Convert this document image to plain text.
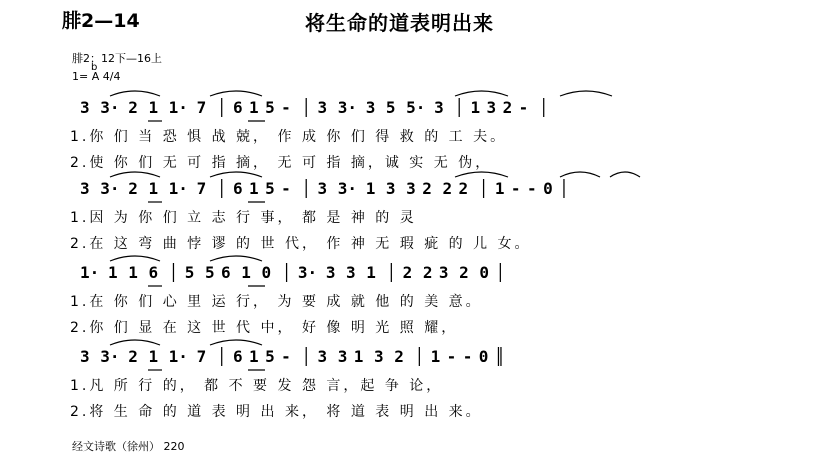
腓2—14	将生命的道表明出来
腓2：12下—16上
b
1= A 4/4
3 3· 2 1 1· 7 │ 6 1 5 - │ 3 3· 3 5 5· 3 │ 1 3 2 - │
1.你 们 当 恐 惧 战 兢， 作 成 你 们 得 救 的 工 夫。
2.使 你 们 无 可 指 摘， 无 可 指 摘，诚 实 无 伪，
3 3· 2 1 1· 7 │ 6 1 5 - │ 3 3· 1 3 3 2 2 2 │ 1 - - 0 │
1.因 为 你 们 立 志 行 事， 都 是 神 的 灵
2.在 这 弯 曲 悖 谬 的 世 代， 作 神 无 瑕 疵 的 儿 女。
1· 1 1 6 │ 5 5 6 1 0 │ 3· 3 3 1 │ 2 2 3 2 0 │
1.在 你 们 心 里 运 行， 为 要 成 就 他 的 美 意。
2.你 们 显 在 这 世 代 中， 好 像 明 光 照 耀，
3 3· 2 1 1· 7 │ 6 1 5 - │ 3 3 1 3 2 │ 1 - - 0 ║
1.凡 所 行 的， 都 不 要 发 怨 言，起 争 论，
2.将 生 命 的 道 表 明 出 来， 将 道 表 明 出 来。
经文诗歌（徐州） 220
